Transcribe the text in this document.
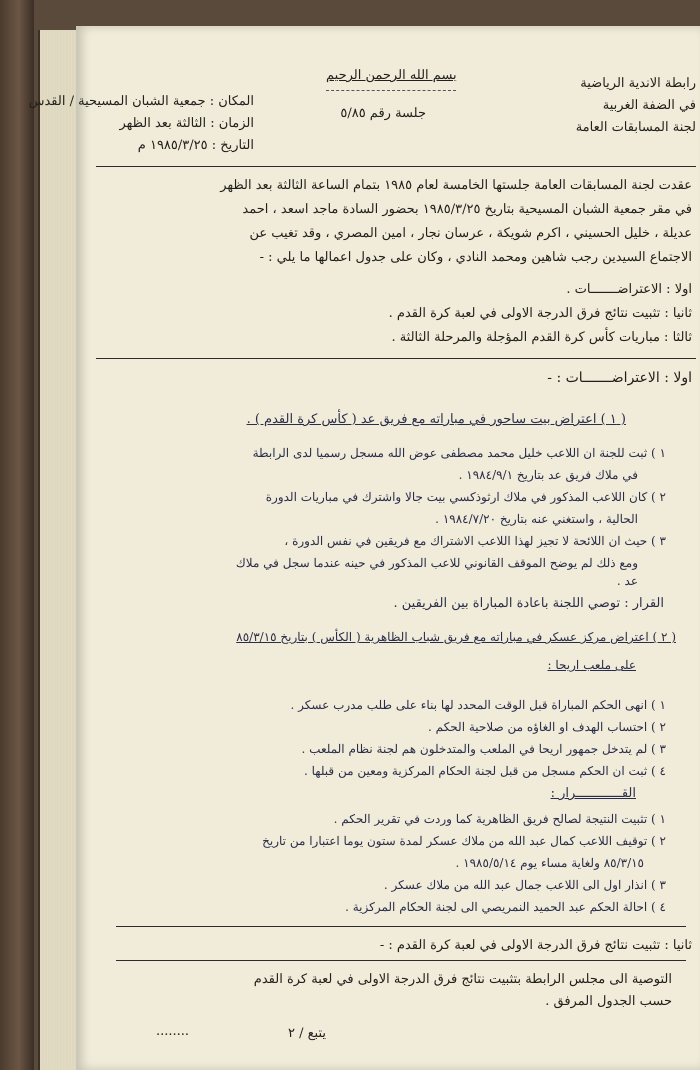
بسم الله الرحمن الرحيم
رابطة الاندية الرياضية
في الضفة الغربية
لجنة المسابقات العامة
جلسة رقم ٥/٨٥
المكان : جمعية الشبان المسيحية / القدس
الزمان : الثالثة بعد الظهر
التاريخ : ١٩٨٥/٣/٢٥ م
عقدت لجنة المسابقات العامة جلستها الخامسة لعام ١٩٨٥ بتمام الساعة الثالثة بعد الظهر
في مقر جمعية الشبان المسيحية بتاريخ ١٩٨٥/٣/٢٥ بحضور السادة ماجد اسعد ، احمد
عديلة ، خليل الحسيني ، اكرم شويكة ، عرسان نجار ، امين المصري ، وقد تغيب عن
الاجتماع السيدين رجب شاهين ومحمد النادي ، وكان على جدول اعمالها ما يلي : -
اولا : الاعتراضـــــــات .
ثانيا : تثبيت نتائج فرق الدرجة الاولى في لعبة كرة القدم .
ثالثا : مباريات كأس كرة القدم المؤجلة والمرحلة الثالثة .
اولا : الاعتراضـــــــات : -
( ١ ) اعتراض بيت ساحور في مباراته مع فريق عد ( كأس كرة القدم ) .
١ ) ثبت للجنة ان اللاعب خليل محمد مصطفى عوض الله مسجل رسميا لدى الرابطة
في ملاك فريق عد بتاريخ ١٩٨٤/٩/١ .
٢ ) كان اللاعب المذكور في ملاك ارثوذكسي بيت جالا واشترك في مباريات الدورة
الحالية ، واستغني عنه بتاريخ ١٩٨٤/٧/٢٠ .
٣ ) حيث ان اللائحة لا تجيز لهذا اللاعب الاشتراك مع فريقين في نفس الدورة ،
ومع ذلك لم يوضح الموقف القانوني للاعب المذكور في حينه عندما سجل في ملاك
عد .
القرار : توصي اللجنة باعادة المباراة بين الفريقين .
( ٢ ) اعتراض مركز عسكر في مباراته مع فريق شباب الظاهرية ( الكأس ) بتاريخ ٨٥/٣/١٥
على ملعب اريحا :
١ ) انهى الحكم المباراة قبل الوقت المحدد لها بناء على طلب مدرب عسكر .
٢ ) احتساب الهدف او الغاؤه من صلاحية الحكم .
٣ ) لم يتدخل جمهور اريحا في الملعب والمتدخلون هم لجنة نظام الملعب .
٤ ) ثبت ان الحكم مسجل من قبل لجنة الحكام المركزية ومعين من قبلها .
القــــــــــــرار :
١ ) تثبيت النتيجة لصالح فريق الظاهرية كما وردت في تقرير الحكم .
٢ ) توقيف اللاعب كمال عبد الله من ملاك عسكر لمدة ستون يوما اعتبارا من تاريخ
٨٥/٣/١٥ ولغاية مساء يوم ١٩٨٥/٥/١٤ .
٣ ) انذار اول الى اللاعب جمال عبد الله من ملاك عسكر .
٤ ) احالة الحكم عبد الحميد النمريصي الى لجنة الحكام المركزية .
ثانيا : تثبيت نتائج فرق الدرجة الاولى في لعبة كرة القدم : -
التوصية الى مجلس الرابطة بتثبيت نتائج فرق الدرجة الاولى في لعبة كرة القدم
حسب الجدول المرفق .
يتبع / ٢
........
